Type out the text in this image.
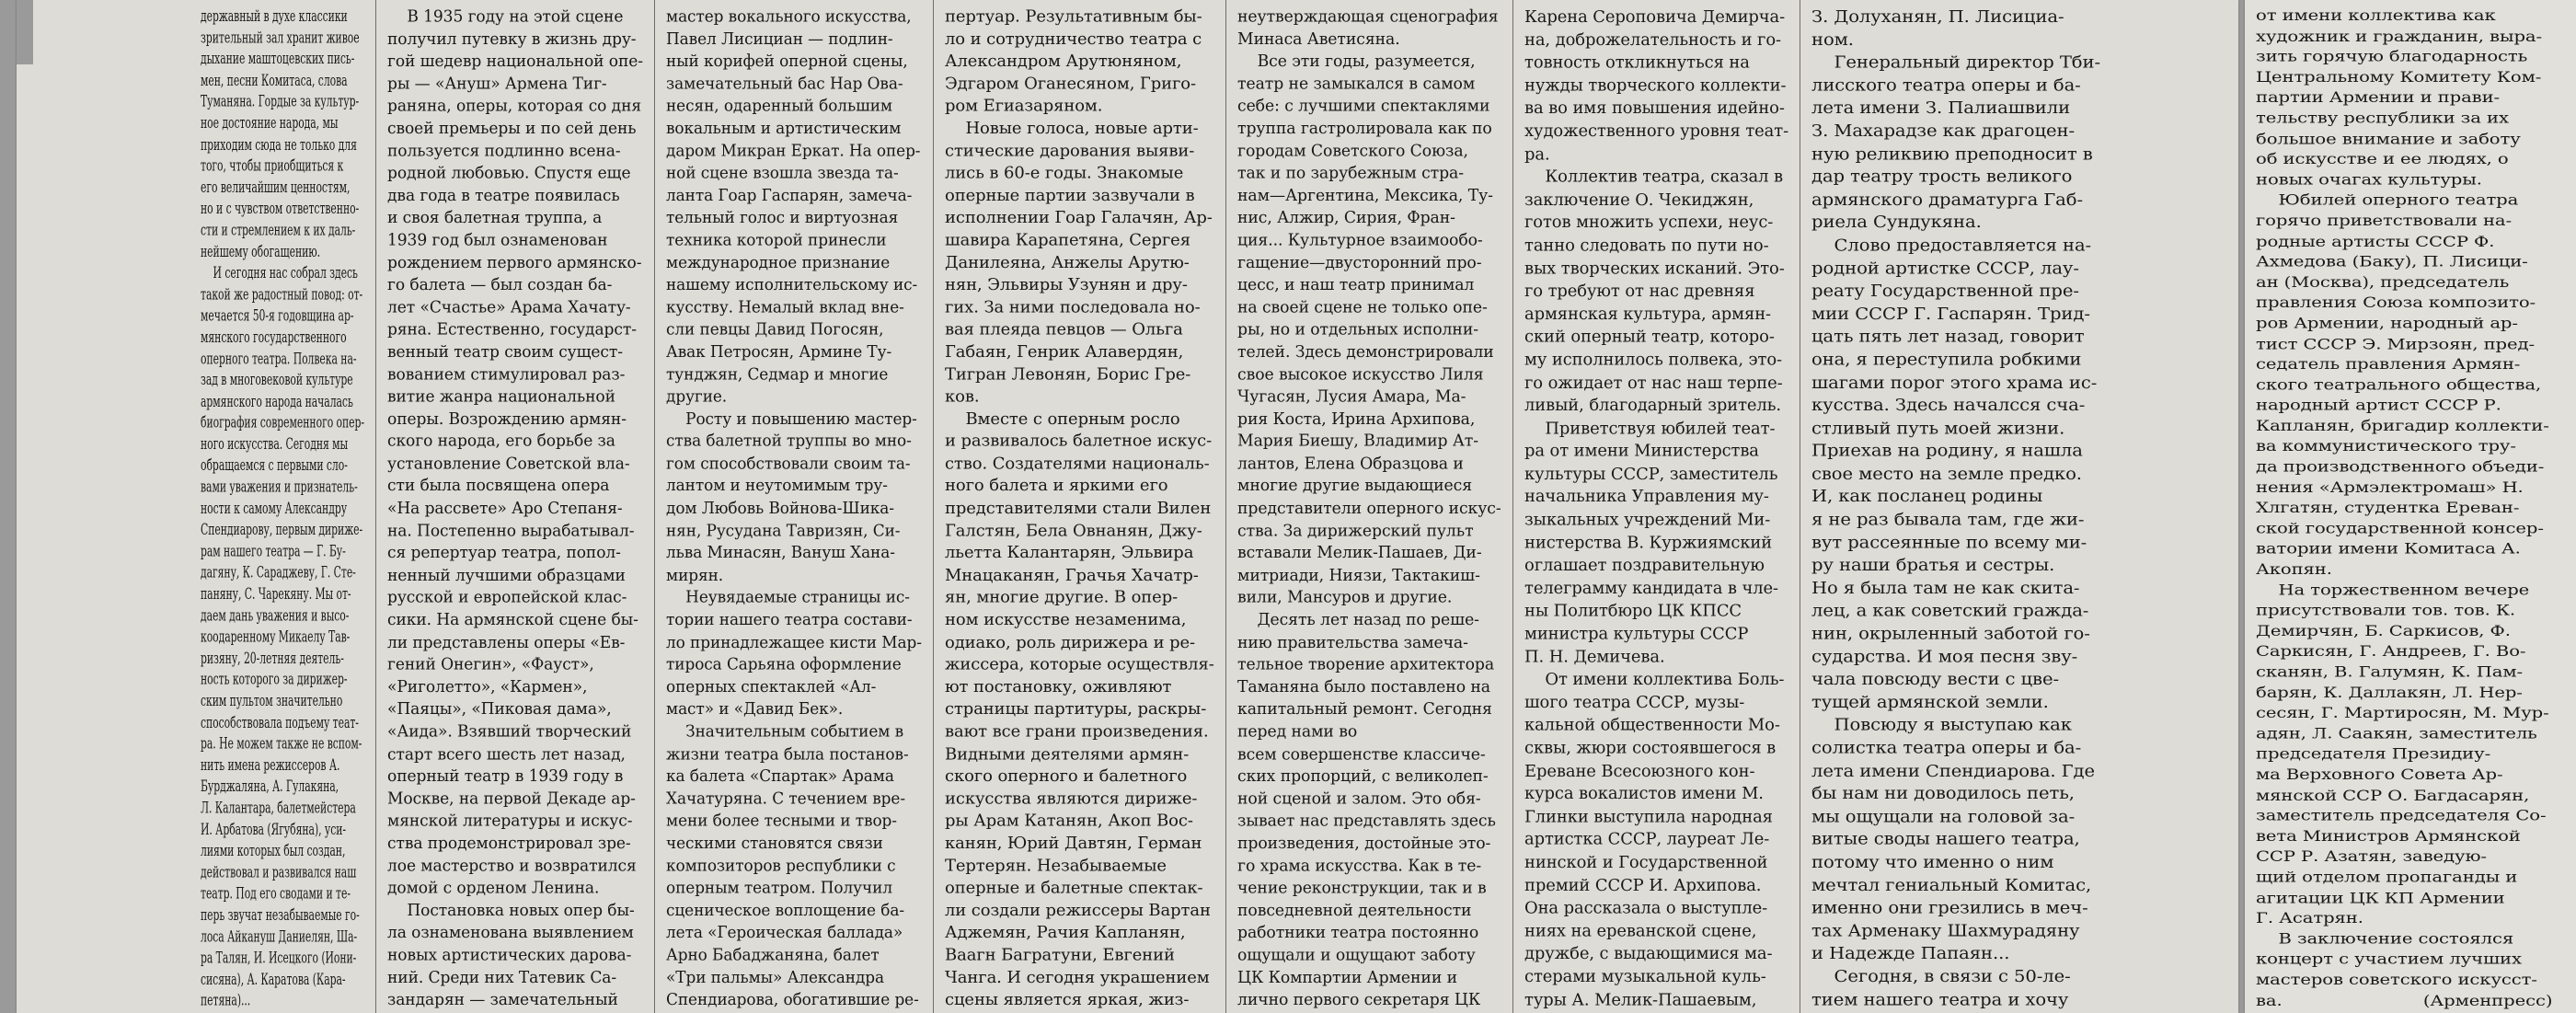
державный в духе классики
зрительный зал хранит живое
дыхание маштоцевских пись-
мен, песни Комитаса, слова
Туманяна. Гордые за культур-
ное достояние народа, мы
приходим сюда не только для
того, чтобы приобщиться к
его величайшим ценностям,
но и с чувством ответственно-
сти и стремлением к их даль-
нейшему обогащению.
И сегодня нас собрал здесь
такой же радостный повод: от-
мечается 50-я годовщина ар-
мянского государственного
оперного театра. Полвека на-
зад в многовековой культуре
армянского народа началась
биография современного опер-
ного искусства. Сегодня мы
обращаемся с первыми сло-
вами уважения и признатель-
ности к самому Александру
Спендиарову, первым дириже-
рам нашего театра — Г. Бу-
дагяну, К. Сараджеву, Г. Сте-
паняну, С. Чарекяну. Мы от-
даем дань уважения и высо-
коодаренному Микаелу Тав-
ризяну, 20-летняя деятель-
ность которого за дирижер-
ским пультом значительно
способствовала подъему теат-
ра. Не можем также не вспом-
нить имена режиссеров А.
Бурджаляна, А. Гулакяна,
Л. Калантара, балетмейстера
И. Арбатова (Ягубяна), уси-
лиями которых был создан,
действовал и развивался наш
театр. Под его сводами и те-
перь звучат незабываемые го-
лоса Айкануш Даниелян, Ша-
ра Талян, И. Исецкого (Иони-
сисяна), А. Каратова (Кара-
петяна)...

В 1935 году на этой сцене
получил путевку в жизнь дру-
гой шедевр национальной опе-
ры — «Ануш» Армена Тиг-
раняна, оперы, которая со дня
своей премьеры и по сей день
пользуется подлинно всена-
родной любовью. Спустя еще
два года в театре появилась
и своя балетная труппа, а
1939 год был ознаменован
рождением первого армянско-
го балета — был создан ба-
лет «Счастье» Арама Хачату-
ряна. Естественно, государст-
венный театр своим сущест-
вованием стимулировал раз-
витие жанра национальной
оперы. Возрождению армян-
ского народа, его борьбе за
установление Советской вла-
сти была посвящена опера
«На рассвете» Аро Степаня-
на. Постепенно вырабатывал-
ся репертуар театра, попол-
ненный лучшими образцами
русской и европейской клас-
сики. На армянской сцене бы-
ли представлены оперы «Ев-
гений Онегин», «Фауст»,
«Риголетто», «Кармен»,
«Паяцы», «Пиковая дама»,
«Аида». Взявший творческий
старт всего шесть лет назад,
оперный театр в 1939 году в
Москве, на первой Декаде ар-
мянской литературы и искус-
ства продемонстрировал зре-
лое мастерство и возвратился
домой с орденом Ленина.
Постановка новых опер бы-
ла ознаменована выявлением
новых артистических дарова-
ний. Среди них Татевик Са-
зандарян — замечательный

мастер вокального искусства,
Павел Лисициан — подлин-
ный корифей оперной сцены,
замечательный бас Нар Ова-
несян, одаренный большим
вокальным и артистическим
даром Микран Еркат. На опер-
ной сцене взошла звезда та-
ланта Гоар Гаспарян, замеча-
тельный голос и виртуозная
техника которой принесли
международное признание
нашему исполнительскому ис-
кусству. Немалый вклад вне-
сли певцы Давид Погосян,
Авак Петросян, Армине Ту-
тунджян, Седмар и многие
другие.
Росту и повышению мастер-
ства балетной труппы во мно-
гом способствовали своим та-
лантом и неутомимым тру-
дом Любовь Войнова-Шика-
нян, Русудана Тавризян, Си-
льва Минасян, Вануш Хана-
мирян.
Неувядаемые страницы ис-
тории нашего театра состави-
ло принадлежащее кисти Мар-
тироса Сарьяна оформление
оперных спектаклей «Ал-
маст» и «Давид Бек».
Значительным событием в
жизни театра была постанов-
ка балета «Спартак» Арама
Хачатуряна. С течением вре-
мени более тесными и твор-
ческими становятся связи
композиторов республики с
оперным театром. Получил
сценическое воплощение ба-
лета «Героическая баллада»
Арно Бабаджаняна, балет
«Три пальмы» Александра
Спендиарова, обогатившие ре-

пертуар. Результативным бы-
ло и сотрудничество театра с
Александром Арутюняном,
Эдгаром Оганесяном, Григо-
ром Егиазаряном.
Новые голоса, новые арти-
стические дарования выяви-
лись в 60-е годы. Знакомые
оперные партии зазвучали в
исполнении Гоар Галачян, Ар-
шавира Карапетяна, Сергея
Данилеяна, Анжелы Арутю-
нян, Эльвиры Узунян и дру-
гих. За ними последовала но-
вая плеяда певцов — Ольга
Габаян, Генрик Алавердян,
Тигран Левонян, Борис Гре-
ков.
Вместе с оперным росло
и развивалось балетное искус-
ство. Создателями националь-
ного балета и яркими его
представителями стали Вилен
Галстян, Бела Овнанян, Джу-
льетта Калантарян, Эльвира
Мнацаканян, Грачья Хачатр-
ян, многие другие. В опер-
ном искусстве незаменима,
одиако, роль дирижера и ре-
жиссера, которые осуществля-
ют постановку, оживляют
страницы партитуры, раскры-
вают все грани произведения.
Видными деятелями армян-
ского оперного и балетного
искусства являются дириже-
ры Арам Катанян, Акоп Вос-
канян, Юрий Давтян, Герман
Тертерян. Незабываемые
оперные и балетные спектак-
ли создали режиссеры Вартан
Аджемян, Рачия Капланян,
Ваагн Багратуни, Евгений
Чанга. И сегодня украшением
сцены является яркая, жиз-

неутверждающая сценография
Минаса Аветисяна.
Все эти годы, разумеется,
театр не замыкался в самом
себе: с лучшими спектаклями
труппа гастролировала как по
городам Советского Союза,
так и по зарубежным стра-
нам—Аргентина, Мексика, Ту-
нис, Алжир, Сирия, Фран-
ция... Культурное взаимообо-
гащение—двусторонний про-
цесс, и наш театр принимал
на своей сцене не только опе-
ры, но и отдельных исполни-
телей. Здесь демонстрировали
свое высокое искусство Лиля
Чугасян, Лусия Амара, Ма-
рия Коста, Ирина Архипова,
Мария Биешу, Владимир Ат-
лантов, Елена Образцова и
многие другие выдающиеся
представители оперного искус-
ства. За дирижерский пульт
вставали Мелик-Пашаев, Ди-
митриади, Ниязи, Тактакиш-
вили, Мансуров и другие.
Десять лет назад по реше-
нию правительства замеча-
тельное творение архитектора
Таманяна было поставлено на
капитальный ремонт. Сегодня
перед нами во
всем совершенстве классиче-
ских пропорций, с великолеп-
ной сценой и залом. Это обя-
зывает нас представлять здесь
произведения, достойные это-
го храма искусства. Как в те-
чение реконструкции, так и в
повседневной деятельности
работники театра постоянно
ощущали и ощущают заботу
ЦК Компартии Армении и
лично первого секретаря ЦК

Карена Сероповича Демирча-
на, доброжелательность и го-
товность откликнуться на
нужды творческого коллекти-
ва во имя повышения идейно-
художественного уровня теат-
ра.
Коллектив театра, сказал в
заключение О. Чекиджян,
готов множить успехи, неус-
танно следовать по пути но-
вых творческих исканий. Это-
го требуют от нас древняя
армянская культура, армян-
ский оперный театр, которо-
му исполнилось полвека, это-
го ожидает от нас наш терпе-
ливый, благодарный зритель.
Приветствуя юбилей теат-
ра от имени Министерства
культуры СССР, заместитель
начальника Управления му-
зыкальных учреждений Ми-
нистерства В. Куржиямский
оглашает поздравительную
телеграмму кандидата в чле-
ны Политбюро ЦК КПСС
министра культуры СССР
П. Н. Демичева.
От имени коллектива Боль-
шого театра СССР, музы-
кальной общественности Мо-
сквы, жюри состоявшегося в
Ереване Всесоюзного кон-
курса вокалистов имени М.
Глинки выступила народная
артистка СССР, лауреат Ле-
нинской и Государственной
премий СССР И. Архипова.
Она рассказала о выступле-
ниях на ереванской сцене,
дружбе, с выдающимися ма-
стерами музыкальной куль-
туры А. Мелик-Пашаевым,

З. Долуханян, П. Лисициа-
ном.
Генеральный директор Тби-
лисского театра оперы и ба-
лета имени З. Палиашвили
З. Махарадзе как драгоцен-
ную реликвию преподносит в
дар театру трость великого
армянского драматурга Габ-
риела Сундукяна.
Слово предоставляется на-
родной артистке СССР, лау-
реату Государственной пре-
мии СССР Г. Гаспарян. Трид-
цать пять лет назад, говорит
она, я переступила робкими
шагами порог этого храма ис-
кусства. Здесь началсся сча-
стливый путь моей жизни.
Приехав на родину, я нашла
свое место на земле предко.
И, как посланец родины
я не раз бывала там, где жи-
вут рассеянные по всему ми-
ру наши братья и сестры.
Но я была там не как скита-
лец, а как советский гражда-
нин, окрыленный заботой го-
сударства. И моя песня зву-
чала повсюду вести с цве-
тущей армянской земли.
Повсюду я выступаю как
солистка театра оперы и ба-
лета имени Спендиарова. Где
бы нам ни доводилось петь,
мы ощущали на головой за-
витые своды нашего театра,
потому что именно о ним
мечтал гениальный Комитас,
именно они грезились в меч-
тах Арменаку Шахмурадяну
и Надежде Папаян...
Сегодня, в связи с 50-ле-
тием нашего театра и хочу

от имени коллектива как
художник и гражданин, выра-
зить горячую благодарность
Центральному Комитету Ком-
партии Армении и прави-
тельству республики за их
большое внимание и заботу
об искусстве и ее людях, о
новых очагах культуры.
Юбилей оперного театра
горячо приветствовали на-
родные артисты СССР Ф.
Ахмедова (Баку), П. Лисици-
ан (Москва), председатель
правления Союза композито-
ров Армении, народный ар-
тист СССР Э. Мирзоян, пред-
седатель правления Армян-
ского театрального общества,
народный артист СССР Р.
Капланян, бригадир коллекти-
ва коммунистического тру-
да производственного объеди-
нения «Армэлектромаш» Н.
Хлгатян, студентка Ереван-
ской государственной консер-
ватории имени Комитаса А.
Акопян.
На торжественном вечере
присутствовали тов. тов. К.
Демирчян, Б. Саркисов, Ф.
Саркисян, Г. Андреев, Г. Во-
сканян, В. Галумян, К. Пам-
барян, К. Даллакян, Л. Нер-
сесян, Г. Мартиросян, М. Мур-
адян, Л. Саакян, заместитель
председателя Президиу-
ма Верховного Совета Ар-
мянской ССР О. Багдасарян,
заместитель председателя Со-
вета Министров Армянской
ССР Р. Азатян, заведую-
щий отделом пропаганды и
агитации ЦК КП Армении
Г. Асатрян.
В заключение состоялся
концерт с участием лучших
мастеров советского искусст-
ва.                         (Арменпресс)
